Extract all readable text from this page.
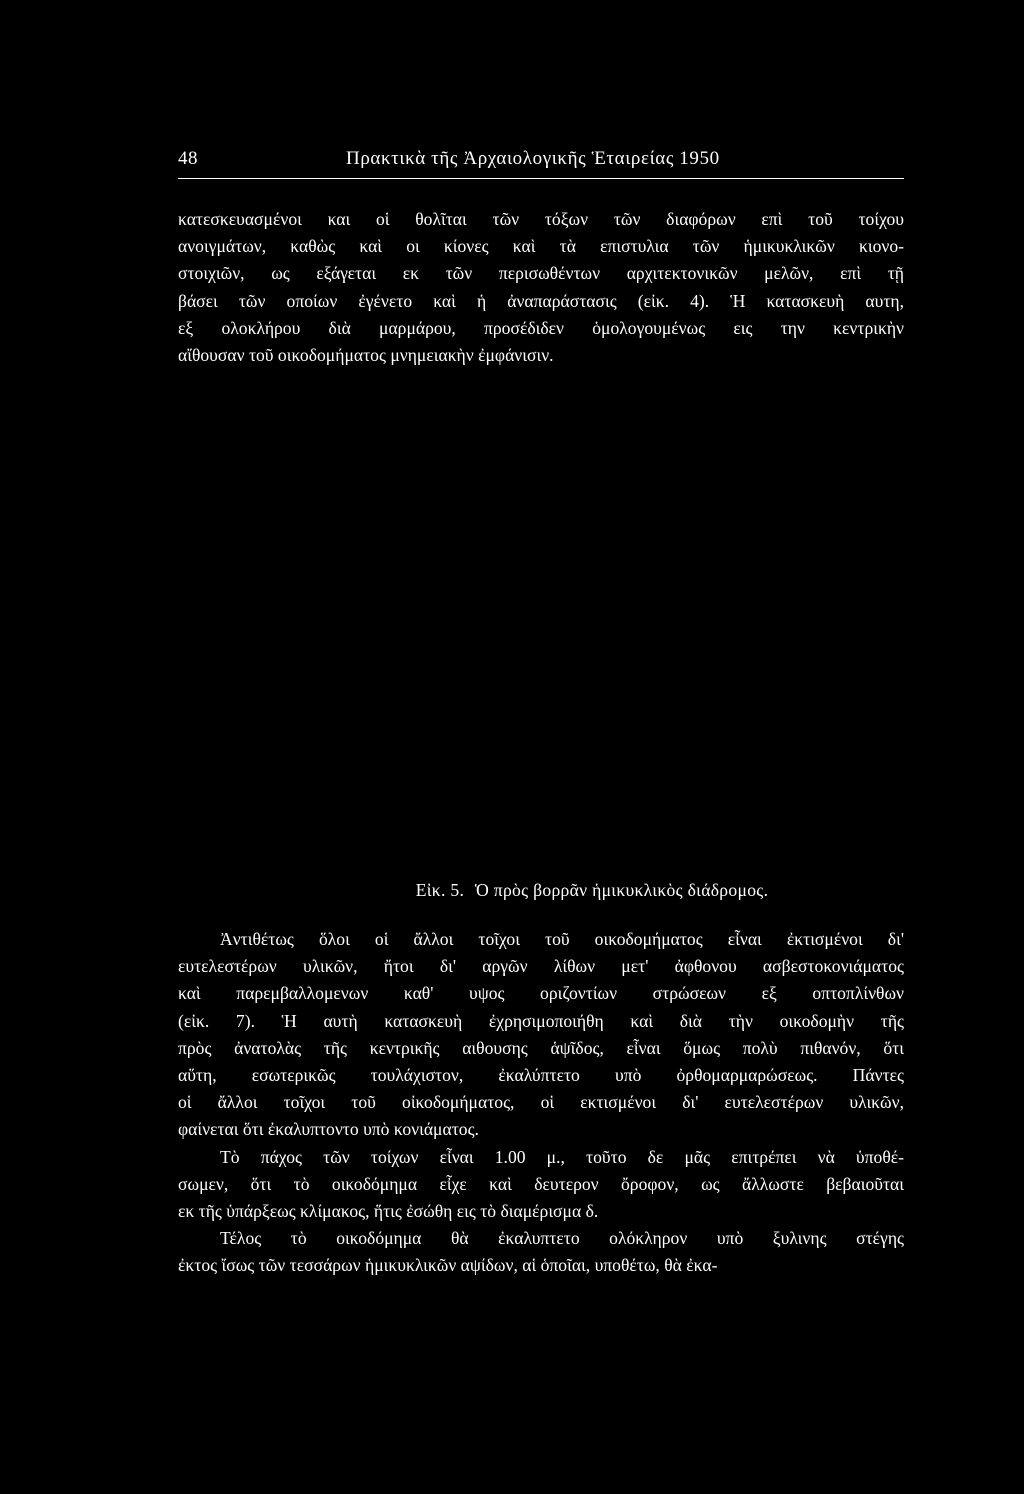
48	Πρακτικὰ τῆς Ἀρχαιολογικῆς Ἑταιρείας 1950
κατεσκευασμένοι και οἱ θολῖται τῶν τόξων τῶν διαφόρων επὶ τοῦ τοίχου
ανοιγμάτων, καθὼς καὶ οι κίονες καὶ τὰ επιστυλια τῶν ἡμικυκλικῶν κιονο-
στοιχιῶν, ως εξάγεται εκ τῶν περισωθέντων αρχιτεκτονικῶν μελῶν, επὶ τῇ
βάσει τῶν οποίων ἐγένετο καὶ ἡ ἀναπαράστασις (εἰκ. 4). Ἡ κατασκευὴ αυτη,
εξ ολοκλήρου διὰ μαρμάρου, προσέδιδεν ὁμολογουμένως εις την κεντρικὴν
αἴθουσαν τοῦ οικοδομήματος μνημειακὴν ἐμφάνισιν.
Εἰκ. 5. Ὁ πρὸς βορρᾶν ἡμικυκλικὸς διάδρομος.
Ἀντιθέτως ὅλοι οἱ ἄλλοι τοῖχοι τοῦ οικοδομήματος εἶναι ἐκτισμένοι δι'
ευτελεστέρων υλικῶν, ἤτοι δι' αργῶν λίθων μετ' ἀφθονου ασβεστοκονιάματος
καὶ παρεμβαλλομενων καθ' υψος οριζοντίων στρώσεων εξ οπτοπλίνθων
(εἰκ. 7). Ἡ αυτὴ κατασκευὴ ἐχρησιμοποιήθη καὶ διὰ τὴν οικοδομὴν τῆς
πρὸς ἀνατολὰς τῆς κεντρικῆς αιθουσης ἁψῖδος, εἶναι ὅμως πολὺ πιθανόν, ὅτι
αὕτη, εσωτερικῶς τουλάχιστον, ἐκαλύπτετο υπὸ ὀρθομαρμαρώσεως. Πάντες
οἱ ἄλλοι τοῖχοι τοῦ οἰκοδομήματος, οἱ εκτισμένοι δι' ευτελεστέρων υλικῶν,
φαίνεται ὅτι ἐκαλυπτοντο υπὸ κονιάματος.
Τὸ πάχος τῶν τοίχων εἶναι 1.00 μ., τοῦτο δε μᾶς επιτρέπει νὰ ὑποθέ-
σωμεν, ὅτι τὸ οικοδόμημα εἶχε καὶ δευτερον ὄροφον, ως ἄλλωστε βεβαιοῦται
εκ τῆς ὑπάρξεως κλίμακος, ἥτις ἐσώθη εις τὸ διαμέρισμα δ.
Τέλος τὸ οικοδόμημα θὰ ἐκαλυπτετο ολόκληρον υπὸ ξυλινης στέγης
ἐκτος ἴσως τῶν τεσσάρων ἡμικυκλικῶν αψίδων, αἱ ὁποῖαι, υποθέτω, θὰ ἐκα-
